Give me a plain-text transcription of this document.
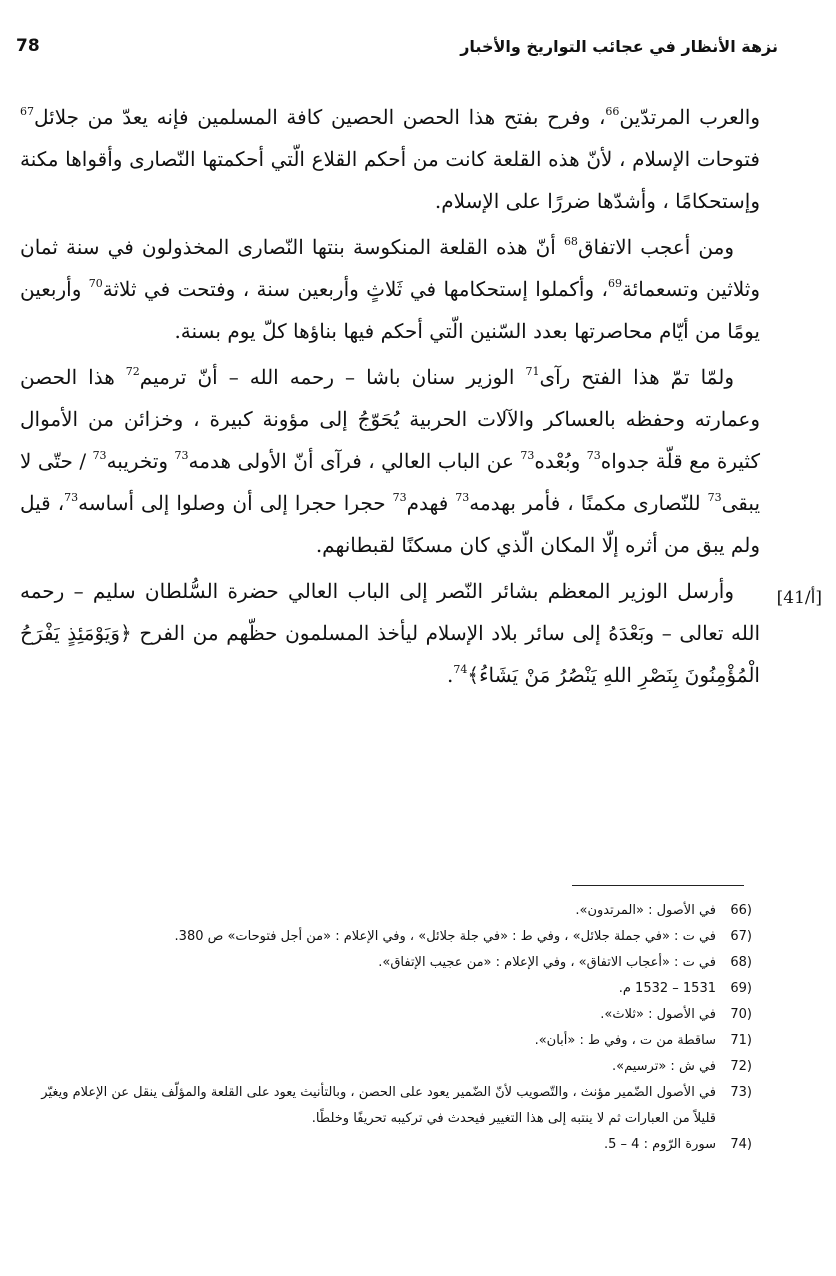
78	نزهة الأنظار في عجائب التواريخ والأخبار

والعرب المرتدّين$^{66}$، وفرح بفتح هذا الحصن الحصين كافة المسلمين فإنه يعدّ من جلائل$^{67}$ فتوحات الإسلام ، لأنّ هذه القلعة كانت من أحكم القلاع الّتي أحكمتها النّصارى وأقواها مكنة وإستحكامًا ، وأشدّها ضررًا على الإسلام.

ومن أعجب الاتفاق$^{68}$ أنّ هذه القلعة المنكوسة بنتها النّصارى المخذولون في سنة ثمان وثلاثين وتسعمائة$^{69}$، وأكملوا إستحكامها في ثَلاثٍ وأربعين سنة ، وفتحت في ثلاثة$^{70}$ وأربعين يومًا من أيّام محاصرتها بعدد السّنين الّتي أحكم فيها بناؤها كلّ يوم بسنة.

ولمّا تمّ هذا الفتح رآى$^{71}$ الوزير سنان باشا – رحمه الله – أنّ ترميم$^{72}$ هذا الحصن وعمارته وحفظه بالعساكر والآلات الحربية يُحَوّجُ إلى مؤونة كبيرة ، وخزائن من الأموال كثيرة مع قلّة جدواه$^{73}$ وبُعْده$^{73}$ عن الباب العالي ، فرآى أنّ الأولى هدمه$^{73}$ وتخريبه$^{73}$ / حتّى لا يبقى$^{73}$ للنّصارى مكمنًا ، فأمر بهدمه$^{73}$ فهدم$^{73}$ حجرا حجرا إلى أن وصلوا إلى أساسه$^{73}$، قيل ولم يبق من أثره إلّا المكان الّذي كان مسكنًا لقبطانهم.

وأرسل الوزير المعظم بشائر النّصر إلى الباب العالي حضرة السُّلطان سليم – رحمه الله تعالى – وبَعْدَهُ إلى سائر بلاد الإسلام ليأخذ المسلمون حظّهم من الفرح ﴿وَيَوْمَئِذٍ يَفْرَحُ الْمُؤْمِنُونَ بِنَصْرِ اللهِ يَنْصُرُ مَنْ يَشَاءُ﴾$^{74}$.

[41/أ]
66)
في الأصول : «المرتدون».
67)
في ت : «في جملة جلائل» ، وفي ط : «في جلة جلائل» ، وفي الإعلام : «من أجل فتوحات» ص 380.
68)
في ت : «أعجاب الاتفاق» ، وفي الإعلام : «من عجيب الإتفاق».
69)
1531 – 1532 م.
70)
في الأصول : «ثلاث».
71)
ساقطة من ت ، وفي ط : «أبان».
72)
في ش : «ترسيم».
73)
في الأصول الضّمير مؤنث ، والتّصويب لأنّ الضّمير يعود على الحصن ، وبالتأنيث يعود على القلعة والمؤلّف ينقل عن الإعلام ويغيّر قليلاً من العبارات ثم لا ينتبه إلى هذا التغيير فيحدث في تركيبه تحريفًا وخلطًا.
74)
سورة الرّوم : 4 – 5.
